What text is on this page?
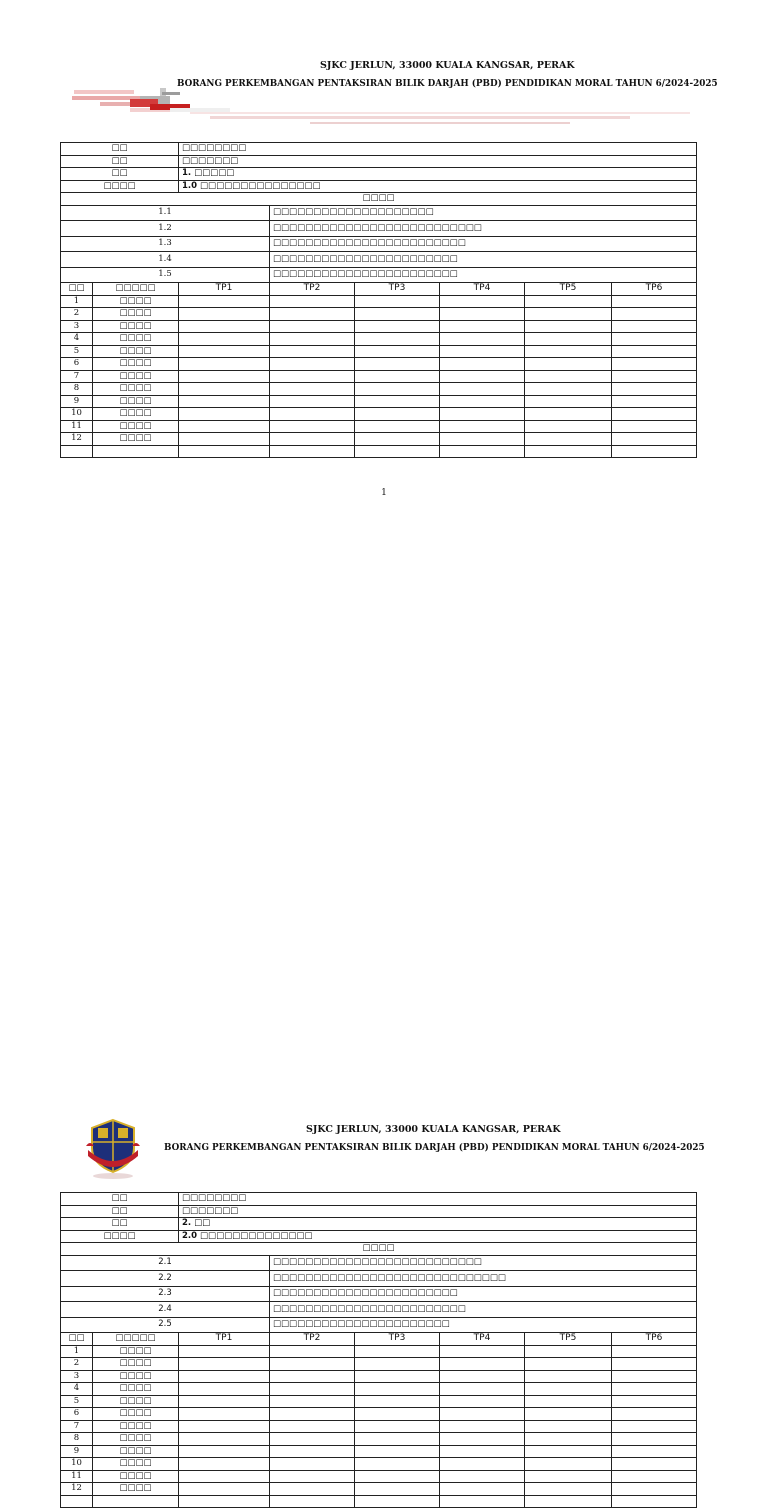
SJKC JERLUN, 33000 KUALA KANGSAR, PERAK
BORANG PERKEMBANGAN PENTAKSIRAN BILIK DARJAH (PBD) PENDIDIKAN MORAL TAHUN 6/2024-2025
□□		□□□□□□□□					
□□		□□□□□□□					
□□		1. □□□□□					
□□□□		1.0 □□□□□□□□□□□□□□□					
□□□□							
1.1			□□□□□□□□□□□□□□□□□□□□				
1.2			□□□□□□□□□□□□□□□□□□□□□□□□□□				
1.3			□□□□□□□□□□□□□□□□□□□□□□□□				
1.4			□□□□□□□□□□□□□□□□□□□□□□□				
1.5			□□□□□□□□□□□□□□□□□□□□□□□				
□□	□□□□□	TP1	TP2	TP3	TP4	TP5	TP6
1	□□□□						
2	□□□□						
3	□□□□						
4	□□□□						
5	□□□□						
6	□□□□						
7	□□□□						
8	□□□□						
9	□□□□						
10	□□□□						
11	□□□□						
12	□□□□						

1
SJKC JERLUN, 33000 KUALA KANGSAR, PERAK
BORANG PERKEMBANGAN PENTAKSIRAN BILIK DARJAH (PBD) PENDIDIKAN MORAL TAHUN 6/2024-2025
□□		□□□□□□□□					
□□		□□□□□□□					
□□		2. □□					
□□□□		2.0 □□□□□□□□□□□□□□					
□□□□							
2.1			□□□□□□□□□□□□□□□□□□□□□□□□□□				
2.2			□□□□□□□□□□□□□□□□□□□□□□□□□□□□□				
2.3			□□□□□□□□□□□□□□□□□□□□□□□				
2.4			□□□□□□□□□□□□□□□□□□□□□□□□				
2.5			□□□□□□□□□□□□□□□□□□□□□□				
□□	□□□□□	TP1	TP2	TP3	TP4	TP5	TP6
1	□□□□						
2	□□□□						
3	□□□□						
4	□□□□						
5	□□□□						
6	□□□□						
7	□□□□						
8	□□□□						
9	□□□□						
10	□□□□						
11	□□□□						
12	□□□□						
